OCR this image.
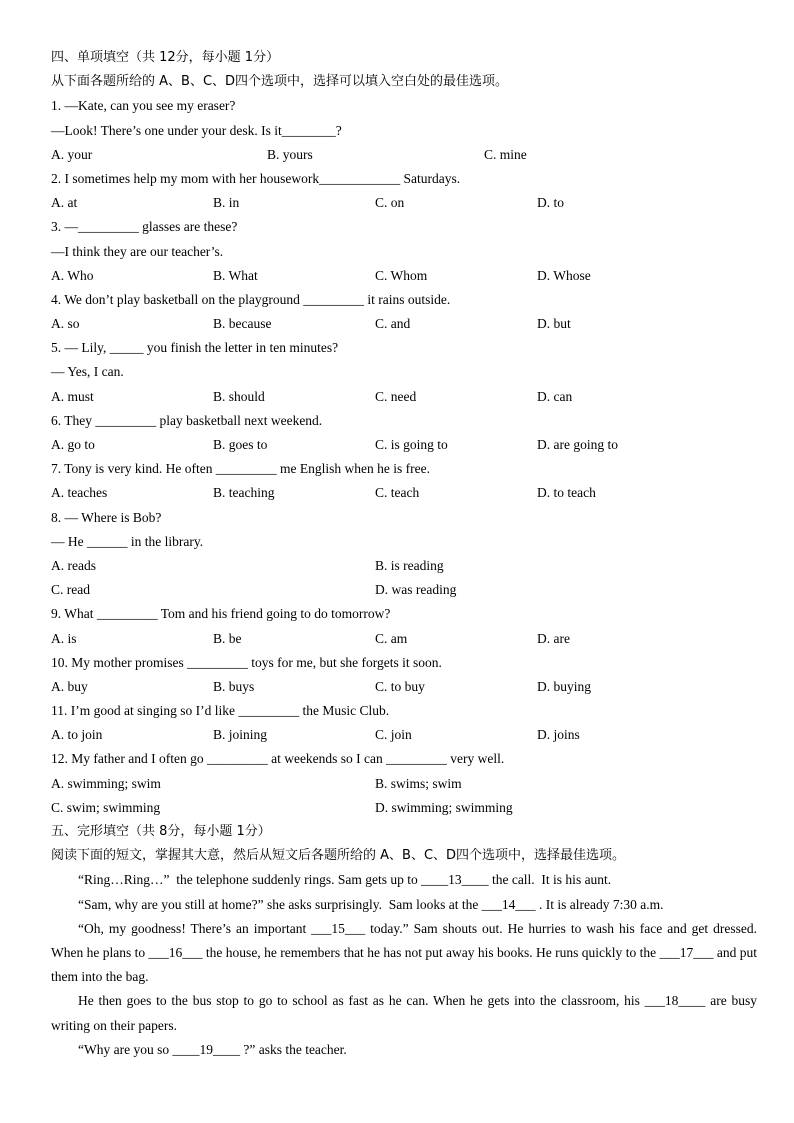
四、单项填空（共 12分，每小题 1分）
从下面各题所给的 A、B、C、D四个选项中，选择可以填入空白处的最佳选项。
1. —Kate, can you see my eraser?
—Look! There’s one under your desk. Is it________?
A. your	B. yours	C. mine
2. I sometimes help my mom with her housework____________ Saturdays.
A. at	B. in	C. on	D. to
3. —_________ glasses are these?
—I think they are our teacher’s.
A. Who	B. What	C. Whom	D. Whose
4. We don’t play basketball on the playground _________ it rains outside.
A. so	B. because	C. and	D. but
5. — Lily, _____ you finish the letter in ten minutes?
— Yes, I can.
A. must	B. should	C. need	D. can
6. They _________ play basketball next weekend.
A. go to	B. goes to	C. is going to	D. are going to
7. Tony is very kind. He often _________ me English when he is free.
A. teaches	B. teaching	C. teach	D. to teach
8. — Where is Bob?
— He ______ in the library.
A. reads	B. is reading
C. read	D. was reading
9. What _________ Tom and his friend going to do tomorrow?
A. is	B. be	C. am	D. are
10. My mother promises _________ toys for me, but she forgets it soon.
A. buy	B. buys	C. to buy	D. buying
11. I’m good at singing so I’d like _________ the Music Club.
A. to join	B. joining	C. join	D. joins
12. My father and I often go _________ at weekends so I can _________ very well.
A. swimming; swim	B. swims; swim
C. swim; swimming	D. swimming; swimming
五、完形填空（共 8分，每小题 1分）
阅读下面的短文，掌握其大意，然后从短文后各题所给的 A、B、C、D四个选项中，选择最佳选项。
“Ring…Ring…”  the telephone suddenly rings. Sam gets up to ____13____ the call.  It is his aunt.
“Sam, why are you still at home?” she asks surprisingly.  Sam looks at the ___14___ . It is already 7:30 a.m.
“Oh, my goodness! There’s an important ___15___ today.” Sam shouts out. He hurries to wash his face and get dressed. When he plans to ___16___ the house, he remembers that he has not put away his books. He runs quickly to the ___17___ and put them into the bag.
He then goes to the bus stop to go to school as fast as he can. When he gets into the classroom, his ___18____ are busy writing on their papers.
“Why are you so ____19____ ?” asks the teacher.
